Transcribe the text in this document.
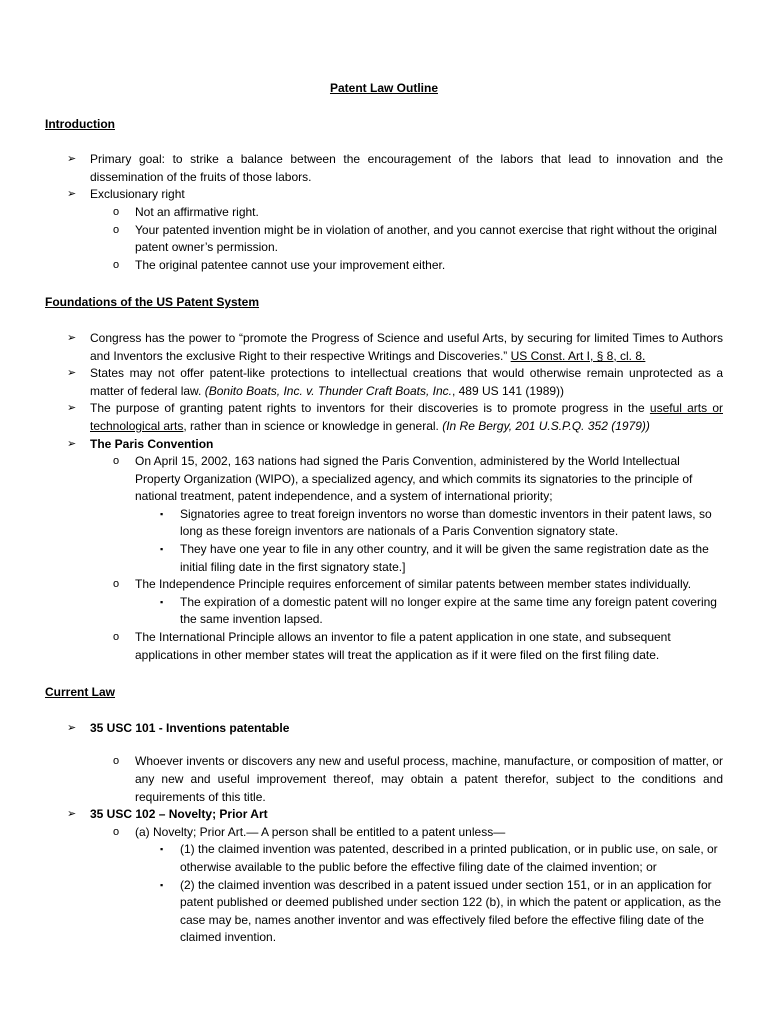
Patent Law Outline

Introduction

➢ Primary goal: to strike a balance between the encouragement of the labors that lead to innovation and the dissemination of the fruits of those labors.
➢ Exclusionary right
o Not an affirmative right.
o Your patented invention might be in violation of another, and you cannot exercise that right without the original patent owner’s permission.
o The original patentee cannot use your improvement either.

Foundations of the US Patent System

➢ Congress has the power to “promote the Progress of Science and useful Arts, by securing for limited Times to Authors and Inventors the exclusive Right to their respective Writings and Discoveries.” US Const. Art I, § 8, cl. 8.
➢ States may not offer patent-like protections to intellectual creations that would otherwise remain unprotected as a matter of federal law. (Bonito Boats, Inc. v. Thunder Craft Boats, Inc., 489 US 141 (1989))
➢ The purpose of granting patent rights to inventors for their discoveries is to promote progress in the useful arts or technological arts, rather than in science or knowledge in general. (In Re Bergy, 201 U.S.P.Q. 352 (1979))
➢ The Paris Convention
o On April 15, 2002, 163 nations had signed the Paris Convention, administered by the World Intellectual Property Organization (WIPO), a specialized agency, and which commits its signatories to the principle of national treatment, patent independence, and a system of international priority;
▪ Signatories agree to treat foreign inventors no worse than domestic inventors in their patent laws, so long as these foreign inventors are nationals of a Paris Convention signatory state.
▪ They have one year to file in any other country, and it will be given the same registration date as the initial filing date in the first signatory state.]
o The Independence Principle requires enforcement of similar patents between member states individually.
▪ The expiration of a domestic patent will no longer expire at the same time any foreign patent covering the same invention lapsed.
o The International Principle allows an inventor to file a patent application in one state, and subsequent applications in other member states will treat the application as if it were filed on the first filing date.

Current Law

➢ 35 USC 101 - Inventions patentable
o Whoever invents or discovers any new and useful process, machine, manufacture, or composition of matter, or any new and useful improvement thereof, may obtain a patent therefor, subject to the conditions and requirements of this title.
➢ 35 USC 102 – Novelty; Prior Art
o (a) Novelty; Prior Art.— A person shall be entitled to a patent unless—
▪ (1) the claimed invention was patented, described in a printed publication, or in public use, on sale, or otherwise available to the public before the effective filing date of the claimed invention; or
▪ (2) the claimed invention was described in a patent issued under section 151, or in an application for patent published or deemed published under section 122 (b), in which the patent or application, as the case may be, names another inventor and was effectively filed before the effective filing date of the claimed invention.
